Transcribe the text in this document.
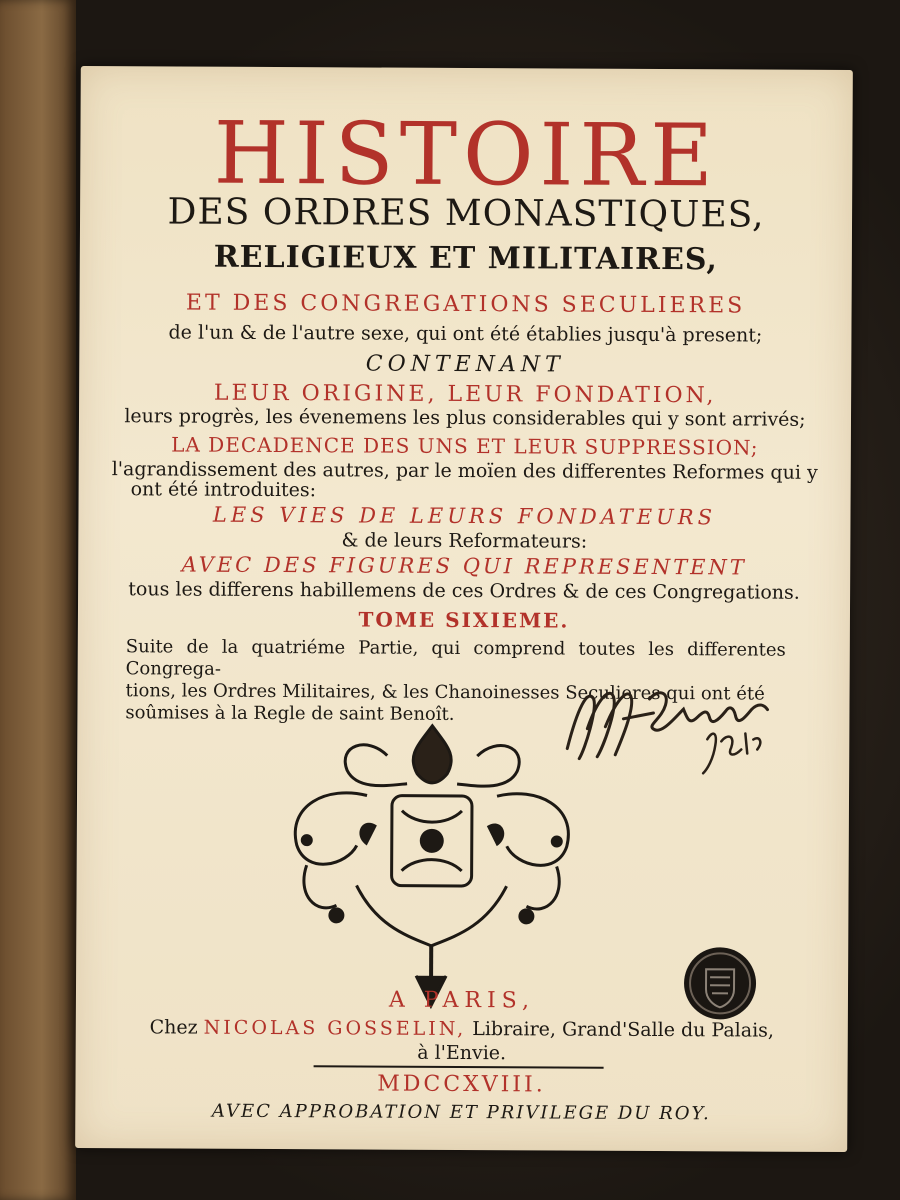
HISTOIRE
DES ORDRES MONASTIQUES,
RELIGIEUX ET MILITAIRES,
ET DES CONGREGATIONS SECULIERES
de l'un & de l'autre sexe, qui ont été établies jusqu'à present;
CONTENANT
LEUR ORIGINE, LEUR FONDATION,
leurs progrès, les évenemens les plus considerables qui y sont arrivés;
LA DECADENCE DES UNS ET LEUR SUPPRESSION;
l'agrandissement des autres, par le moïen des differentes Reformes qui y
ont été introduites:
LES VIES DE LEURS FONDATEURS
& de leurs Reformateurs:
AVEC DES FIGURES QUI REPRESENTENT
tous les differens habillemens de ces Ordres & de ces Congregations.
TOME SIXIEME.
Suite de la quatriéme Partie, qui comprend toutes les differentes Congrega-
tions, les Ordres Militaires, & les Chanoinesses Seculieres qui ont été
soûmises à la Regle de saint Benoît.
A PARIS,
Chez NICOLAS GOSSELIN, Libraire, Grand'Salle du Palais,
à l'Envie.
MDCCXVIII.
AVEC APPROBATION ET PRIVILEGE DU ROY.
